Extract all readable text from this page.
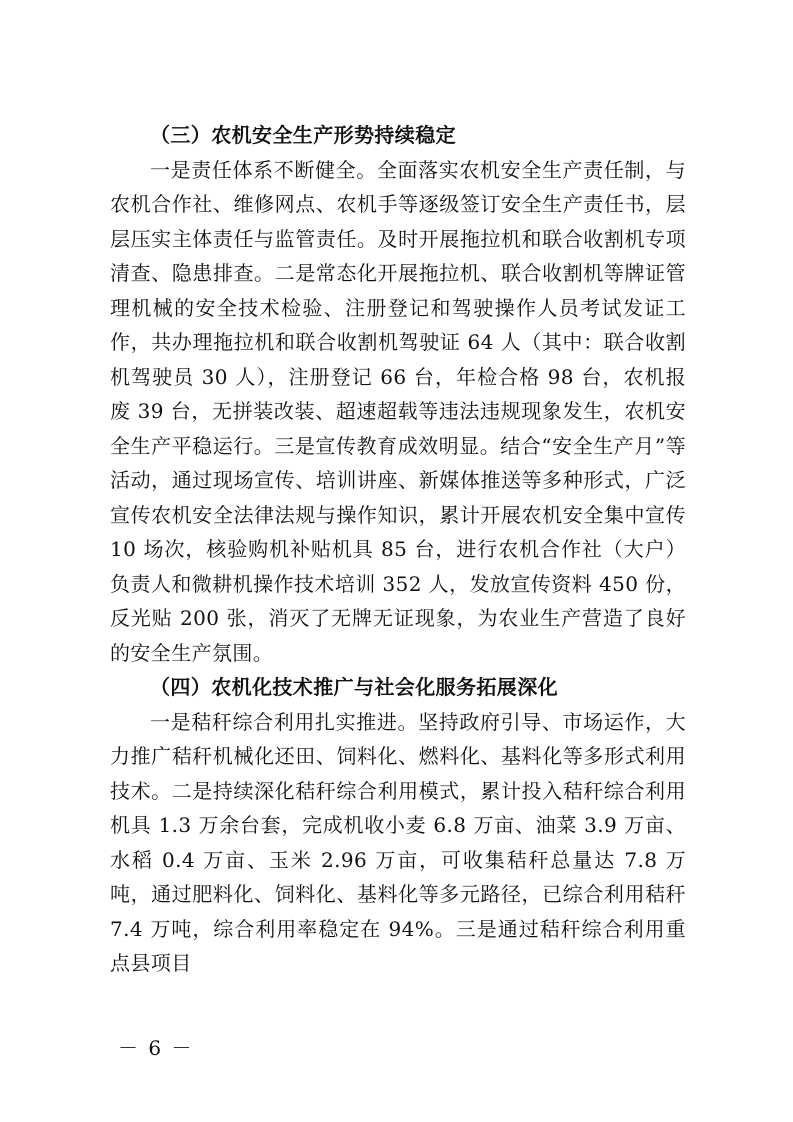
（三）农机安全生产形势持续稳定

一是责任体系不断健全。全面落实农机安全生产责任制，与农机合作社、维修网点、农机手等逐级签订安全生产责任书，层层压实主体责任与监管责任。及时开展拖拉机和联合收割机专项清查、隐患排查。二是常态化开展拖拉机、联合收割机等牌证管理机械的安全技术检验、注册登记和驾驶操作人员考试发证工作，共办理拖拉机和联合收割机驾驶证 64 人（其中：联合收割机驾驶员 30 人），注册登记 66 台，年检合格 98 台，农机报废 39 台，无拼装改装、超速超载等违法违规现象发生，农机安全生产平稳运行。三是宣传教育成效明显。结合“安全生产月”等活动，通过现场宣传、培训讲座、新媒体推送等多种形式，广泛宣传农机安全法律法规与操作知识，累计开展农机安全集中宣传 10 场次，核验购机补贴机具 85 台，进行农机合作社（大户）负责人和微耕机操作技术培训 352 人，发放宣传资料 450 份，反光贴 200 张，消灭了无牌无证现象，为农业生产营造了良好的安全生产氛围。

（四）农机化技术推广与社会化服务拓展深化

一是秸秆综合利用扎实推进。坚持政府引导、市场运作，大力推广秸秆机械化还田、饲料化、燃料化、基料化等多形式利用技术。二是持续深化秸秆综合利用模式，累计投入秸秆综合利用机具 1.3 万余台套，完成机收小麦 6.8 万亩、油菜 3.9 万亩、水稻 0.4 万亩、玉米 2.96 万亩，可收集秸秆总量达 7.8 万吨，通过肥料化、饲料化、基料化等多元路径，已综合利用秸秆 7.4 万吨，综合利用率稳定在 94%。三是通过秸秆综合利用重点县项目

－ 6 －
